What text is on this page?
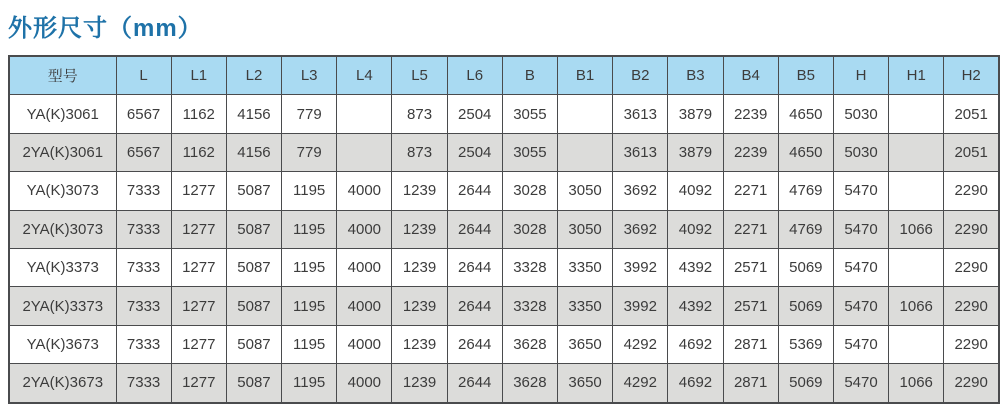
外形尺寸（mm）
型号	L	L1	L2	L3	L4	L5	L6	B	B1	B2	B3	B4	B5	H	H1	H2
YA(K)3061	6567	1162	4156	779		873	2504	3055		3613	3879	2239	4650	5030		2051
2YA(K)3061	6567	1162	4156	779		873	2504	3055		3613	3879	2239	4650	5030		2051
YA(K)3073	7333	1277	5087	1195	4000	1239	2644	3028	3050	3692	4092	2271	4769	5470		2290
2YA(K)3073	7333	1277	5087	1195	4000	1239	2644	3028	3050	3692	4092	2271	4769	5470	1066	2290
YA(K)3373	7333	1277	5087	1195	4000	1239	2644	3328	3350	3992	4392	2571	5069	5470		2290
2YA(K)3373	7333	1277	5087	1195	4000	1239	2644	3328	3350	3992	4392	2571	5069	5470	1066	2290
YA(K)3673	7333	1277	5087	1195	4000	1239	2644	3628	3650	4292	4692	2871	5369	5470		2290
2YA(K)3673	7333	1277	5087	1195	4000	1239	2644	3628	3650	4292	4692	2871	5069	5470	1066	2290
